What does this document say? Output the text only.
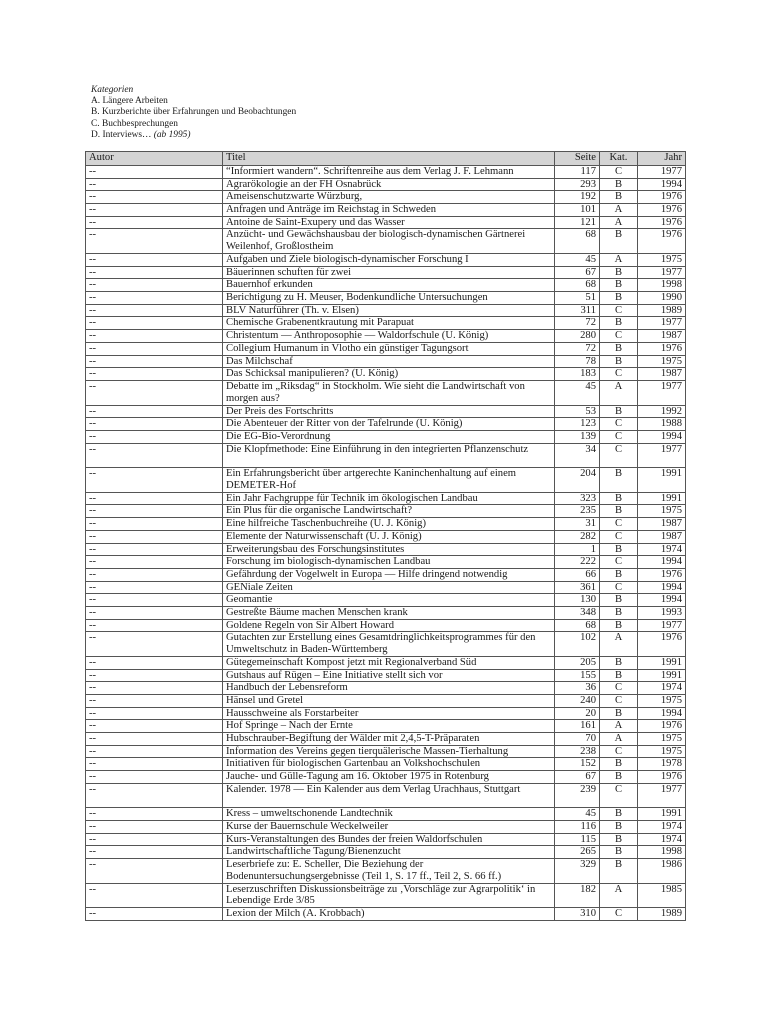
Kategorien
A. Längere Arbeiten
B. Kurzberichte über Erfahrungen und Beobachtungen
C. Buchbesprechungen
D. Interviews… (ab 1995)
Autor	Titel	Seite	Kat.	Jahr
--	“Informiert wandern“. Schriftenreihe aus dem Verlag J. F. Lehmann	117	C	1977
--	Agrarökologie an der FH Osnabrück	293	B	1994
--	Ameisenschutzwarte Würzburg,	192	B	1976
--	Anfragen und Anträge im Reichstag in Schweden	101	A	1976
--	Antoine de Saint-Exupery und das Wasser	121	A	1976
--	Anzücht- und Gewächshausbau der biologisch-dynamischen Gärtnerei Weilenhof, Großlostheim	68	B	1976
--	Aufgaben und Ziele biologisch-dynamischer Forschung I	45	A	1975
--	Bäuerinnen schuften für zwei	67	B	1977
--	Bauernhof erkunden	68	B	1998
--	Berichtigung zu H. Meuser, Bodenkundliche Untersuchungen	51	B	1990
--	BLV Naturführer (Th. v. Elsen)	311	C	1989
--	Chemische Grabenentkrautung mit Parapuat	72	B	1977
--	Christentum — Anthroposophie — Waldorfschule (U. König)	280	C	1987
--	Collegium Humanum in Vlotho ein günstiger Tagungsort	72	B	1976
--	Das Milchschaf	78	B	1975
--	Das Schicksal manipulieren? (U. König)	183	C	1987
--	Debatte im „Riksdag“ in Stockholm. Wie sieht die Landwirtschaft von morgen aus?	45	A	1977
--	Der Preis des Fortschritts	53	B	1992
--	Die Abenteuer der Ritter von der Tafelrunde (U. König)	123	C	1988
--	Die EG-Bio-Verordnung	139	C	1994
--	Die Klopfmethode: Eine Einführung in den integrierten Pflanzenschutz	34	C	1977
--	Ein Erfahrungsbericht über artgerechte Kaninchenhaltung auf einem DEMETER-Hof	204	B	1991
--	Ein Jahr Fachgruppe für Technik im ökologischen Landbau	323	B	1991
--	Ein Plus für die organische Landwirtschaft?	235	B	1975
--	Eine hilfreiche Taschenbuchreihe (U. J. König)	31	C	1987
--	Elemente der Naturwissenschaft (U. J. König)	282	C	1987
--	Erweiterungsbau des Forschungsinstitutes	1	B	1974
--	Forschung im biologisch-dynamischen Landbau	222	C	1994
--	Gefährdung der Vogelwelt in Europa — Hilfe dringend notwendig	66	B	1976
--	GENiale Zeiten	361	C	1994
--	Geomantie	130	B	1994
--	Gestreßte Bäume machen Menschen krank	348	B	1993
--	Goldene Regeln von Sir Albert Howard	68	B	1977
--	Gutachten zur Erstellung eines Gesamtdringlichkeitsprogrammes für den Umweltschutz in Baden-Württemberg	102	A	1976
--	Gütegemeinschaft Kompost jetzt mit Regionalverband Süd	205	B	1991
--	Gutshaus auf Rügen – Eine Initiative stellt sich vor	155	B	1991
--	Handbuch der Lebensreform	36	C	1974
--	Hänsel und Gretel	240	C	1975
--	Hausschweine als Forstarbeiter	20	B	1994
--	Hof Springe – Nach der Ernte	161	A	1976
--	Hubschrauber-Begiftung der Wälder mit 2,4,5-T-Präparaten	70	A	1975
--	Information des Vereins gegen tierquälerische Massen-Tierhaltung	238	C	1975
--	Initiativen für biologischen Gartenbau an Volkshochschulen	152	B	1978
--	Jauche- und Gülle-Tagung am 16. Oktober 1975 in Rotenburg	67	B	1976
--	Kalender. 1978 — Ein Kalender aus dem Verlag Urachhaus, Stuttgart	239	C	1977
--	Kress – umweltschonende Landtechnik	45	B	1991
--	Kurse der Bauernschule Weckelweiler	116	B	1974
--	Kurs-Veranstaltungen des Bundes der freien Waldorfschulen	115	B	1974
--	Landwirtschaftliche Tagung/Bienenzucht	265	B	1998
--	Leserbriefe zu: E. Scheller, Die Beziehung der Bodenuntersuchungsergebnisse (Teil 1, S. 17 ff., Teil 2, S. 66 ff.)	329	B	1986
--	Leserzuschriften Diskussionsbeiträge zu ‚Vorschläge zur Agrarpolitik‘ in Lebendige Erde 3/85	182	A	1985
--	Lexion der Milch (A. Krobbach)	310	C	1989
